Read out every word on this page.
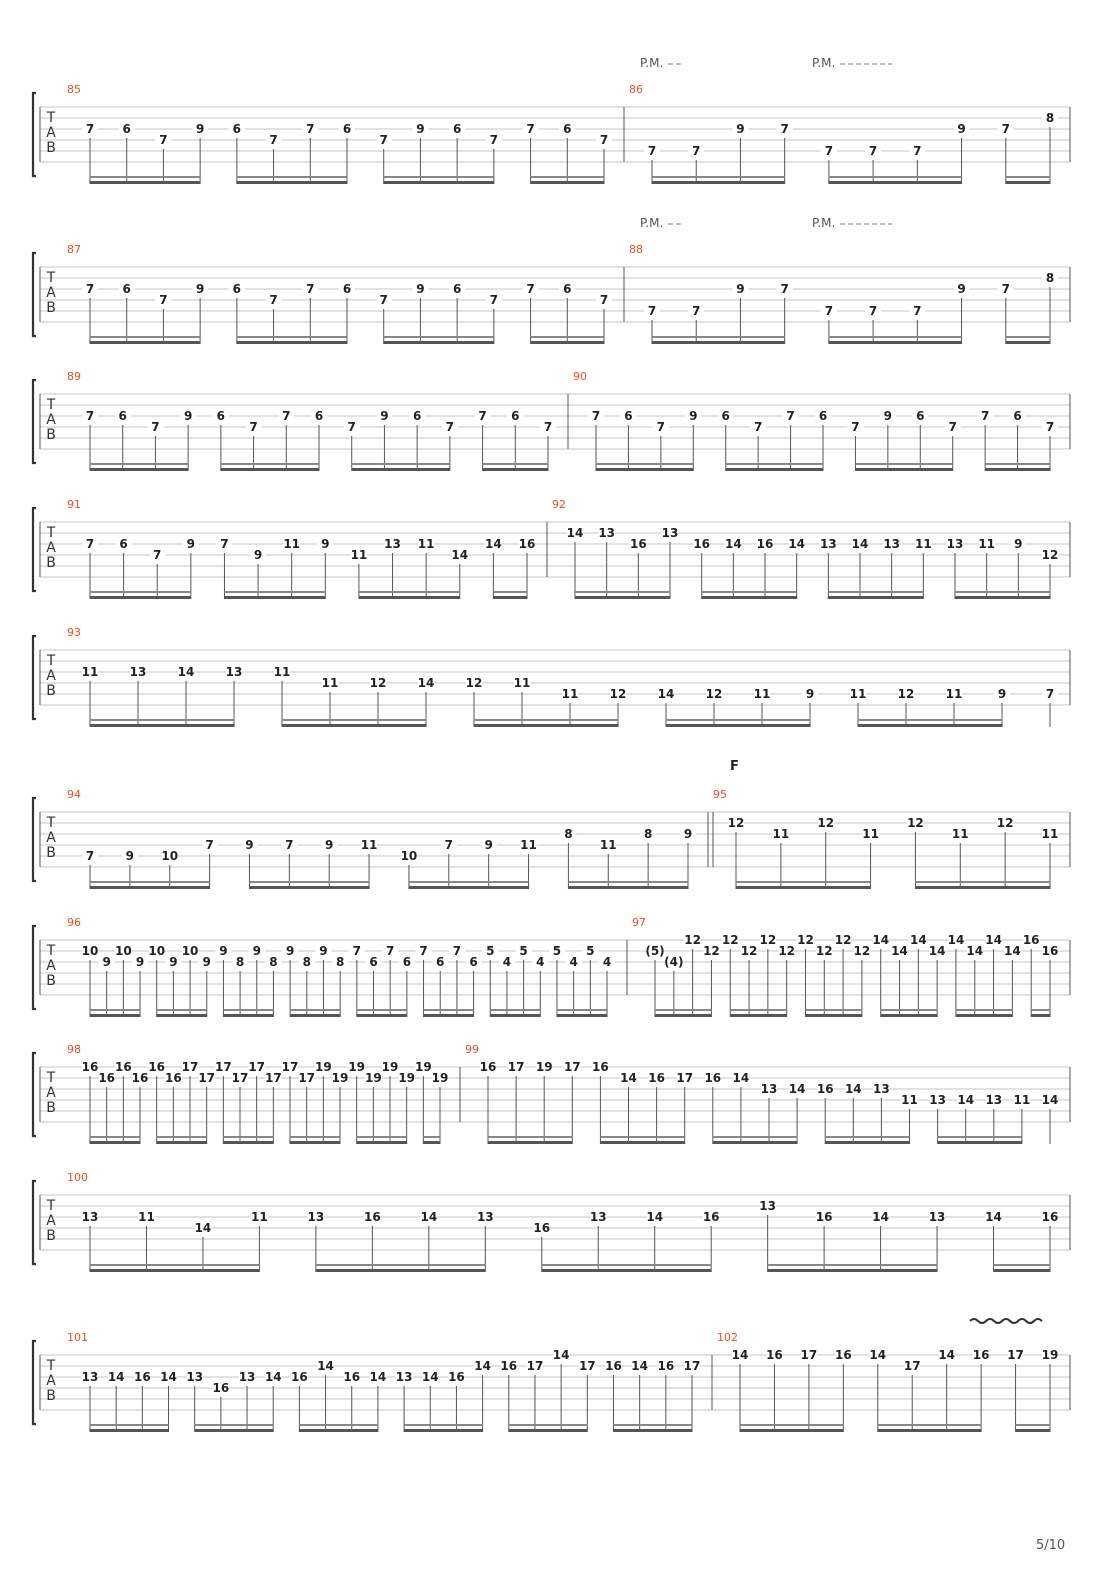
T
A
B
85
7 6
7
9 6
7
7 6
7
9 6
7
7 6
7
86
7	7
9	7
7	7	7
9	7
8
T
A
B
87
7 6
7
9 6
7
7 6
7
9 6
7
7 6
7
88
7	7
9	7
7	7	7
9	7
8
T
A
B
89
7 6
7
9 6
7
7 6
7
9 6
7
7 6
7
90
7 6
7
9 6
7
7 6
7
9 6
7
7 6
7
T
A
B
91
7 6
7
9 7
9
11 9
11
13 11
14
14 16
92
14 13
16
13
16 14 16 14 13 14 13 11 13 11 9
12
T
A
B
93
11	13	14	13	11
11	12	14	12	11
11	12	14	12	11	9	11	12	11	9	7
T
A
B
94
7	9 10
7	9	7	9 11
10
7	9 11
8
11
8	9
95
12
11
12
11
12
11
12
11
T
A
B
96
10
9
10
9
10
9
10
9
9
8
9
8
9
8
9
8
7
6
7
6
7
6
7
6
5
4
5
4
5
4
5
4
97
(5)
(4)
12
12
12
12
12
12
12
12
12
12
14
14
14
14
14
14
14
14
16
16
T
A
B
98
16
16
16
16
16
16
17
17
17
17
17
17
17
17
19
19
19
19
19
19
19
19
99
16 17 19 17 16
14 16 17 16 14
13 14 16 14 13
11 13 14 13 11 14
T
A
B
100
13	11
14
11	13	16	14	13
16
13	14	16
13
16	14	13	14	16
T
A
B
101
13 14 16 14 13
16
13 14 16
14
16 14 13 14 16
14 16 17
14
17 16 14 16 17
102
14 16 17 16 14
17
14 16 17 19
P.M.	P.M.
P.M.	P.M.
F
5/10
